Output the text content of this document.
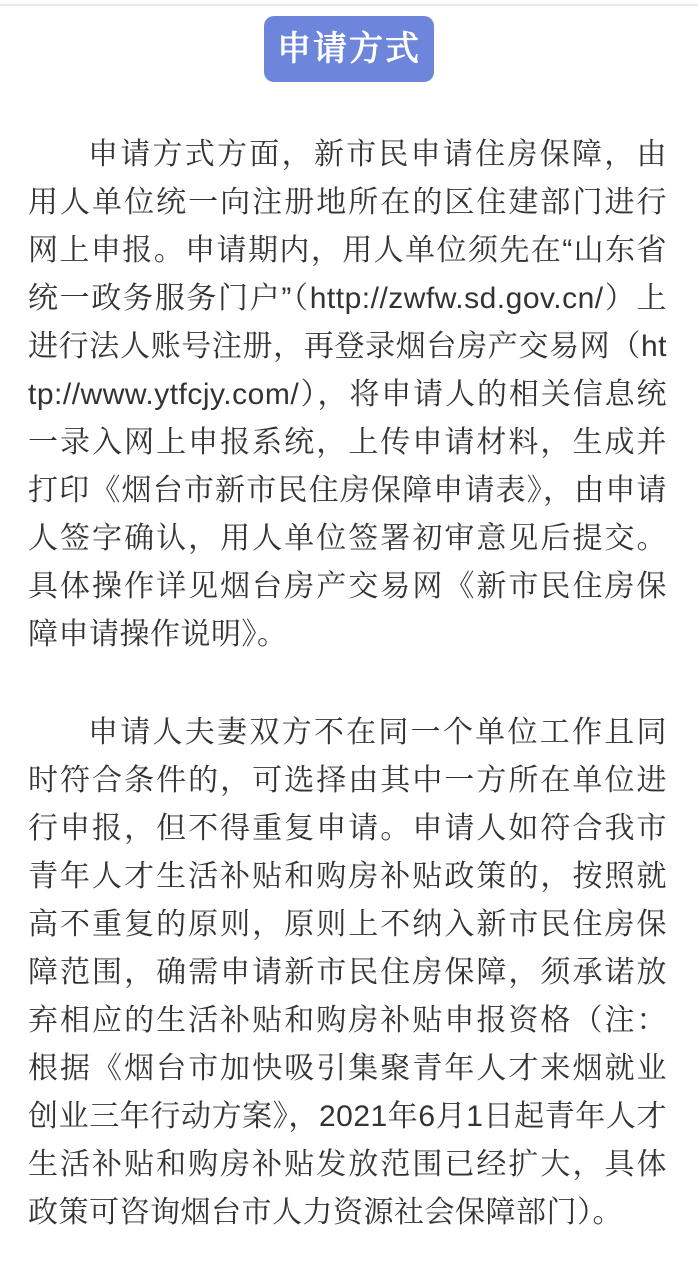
申请方式

申请方式方面，新市民申请住房保障，由用人单位统一向注册地所在的区住建部门进行网上申报。申请期内，用人单位须先在“山东省统一政务服务门户”（http://zwfw.sd.gov.cn/）上进行法人账号注册，再登录烟台房产交易网（http://www.ytfcjy.com/），将申请人的相关信息统一录入网上申报系统，上传申请材料，生成并打印《烟台市新市民住房保障申请表》，由申请人签字确认，用人单位签署初审意见后提交。具体操作详见烟台房产交易网《新市民住房保障申请操作说明》。

申请人夫妻双方不在同一个单位工作且同时符合条件的，可选择由其中一方所在单位进行申报，但不得重复申请。申请人如符合我市青年人才生活补贴和购房补贴政策的，按照就高不重复的原则，原则上不纳入新市民住房保障范围，确需申请新市民住房保障，须承诺放弃相应的生活补贴和购房补贴申报资格（注：根据《烟台市加快吸引集聚青年人才来烟就业创业三年行动方案》，2021年6月1日起青年人才生活补贴和购房补贴发放范围已经扩大，具体政策可咨询烟台市人力资源社会保障部门）。
